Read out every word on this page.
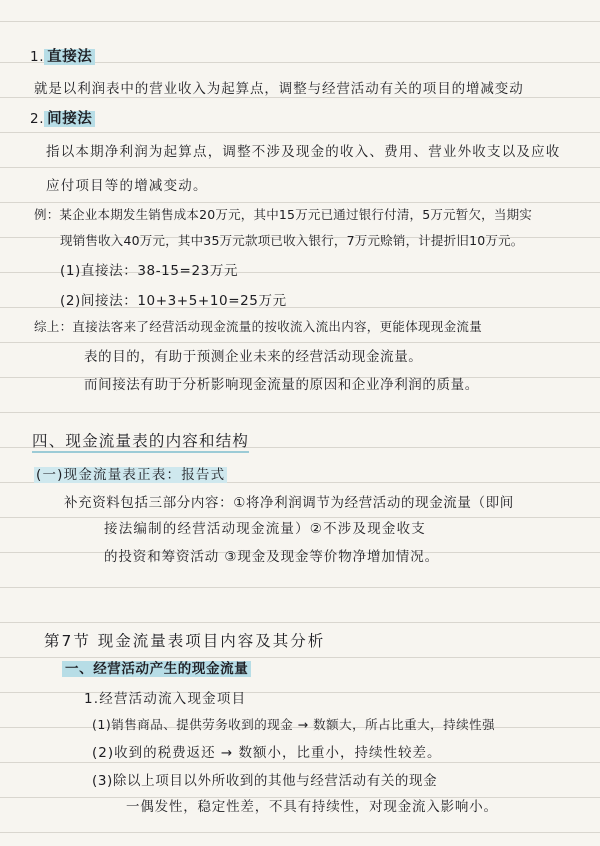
1. 直接法
就是以利润表中的营业收入为起算点，调整与经营活动有关的项目的增减变动
2. 间接法
指以本期净利润为起算点，调整不涉及现金的收入、费用、营业外收支以及应收
应付项目等的增减变动。
例：某企业本期发生销售成本20万元，其中15万元已通过银行付清，5万元暂欠，当期实
现销售收入40万元，其中35万元款项已收入银行，7万元赊销，计提折旧10万元。
(1)直接法：38-15=23万元
(2)间接法：10+3+5+10=25万元
综上：直接法客来了经营活动现金流量的按收流入流出内容，更能体现现金流量
表的目的，有助于预测企业未来的经营活动现金流量。
而间接法有助于分析影响现金流量的原因和企业净利润的质量。
四、现金流量表的内容和结构
(一)现金流量表正表：报告式
补充资料包括三部分内容：①将净利润调节为经营活动的现金流量（即间
接法编制的经营活动现金流量）②不涉及现金收支
的投资和筹资活动 ③现金及现金等价物净增加情况。
第7节 现金流量表项目内容及其分析
一、经营活动产生的现金流量
1.经营活动流入现金项目
(1)销售商品、提供劳务收到的现金 → 数额大，所占比重大，持续性强
(2)收到的税费返还 → 数额小，比重小，持续性较差。
(3)除以上项目以外所收到的其他与经营活动有关的现金
一偶发性，稳定性差，不具有持续性，对现金流入影响小。
